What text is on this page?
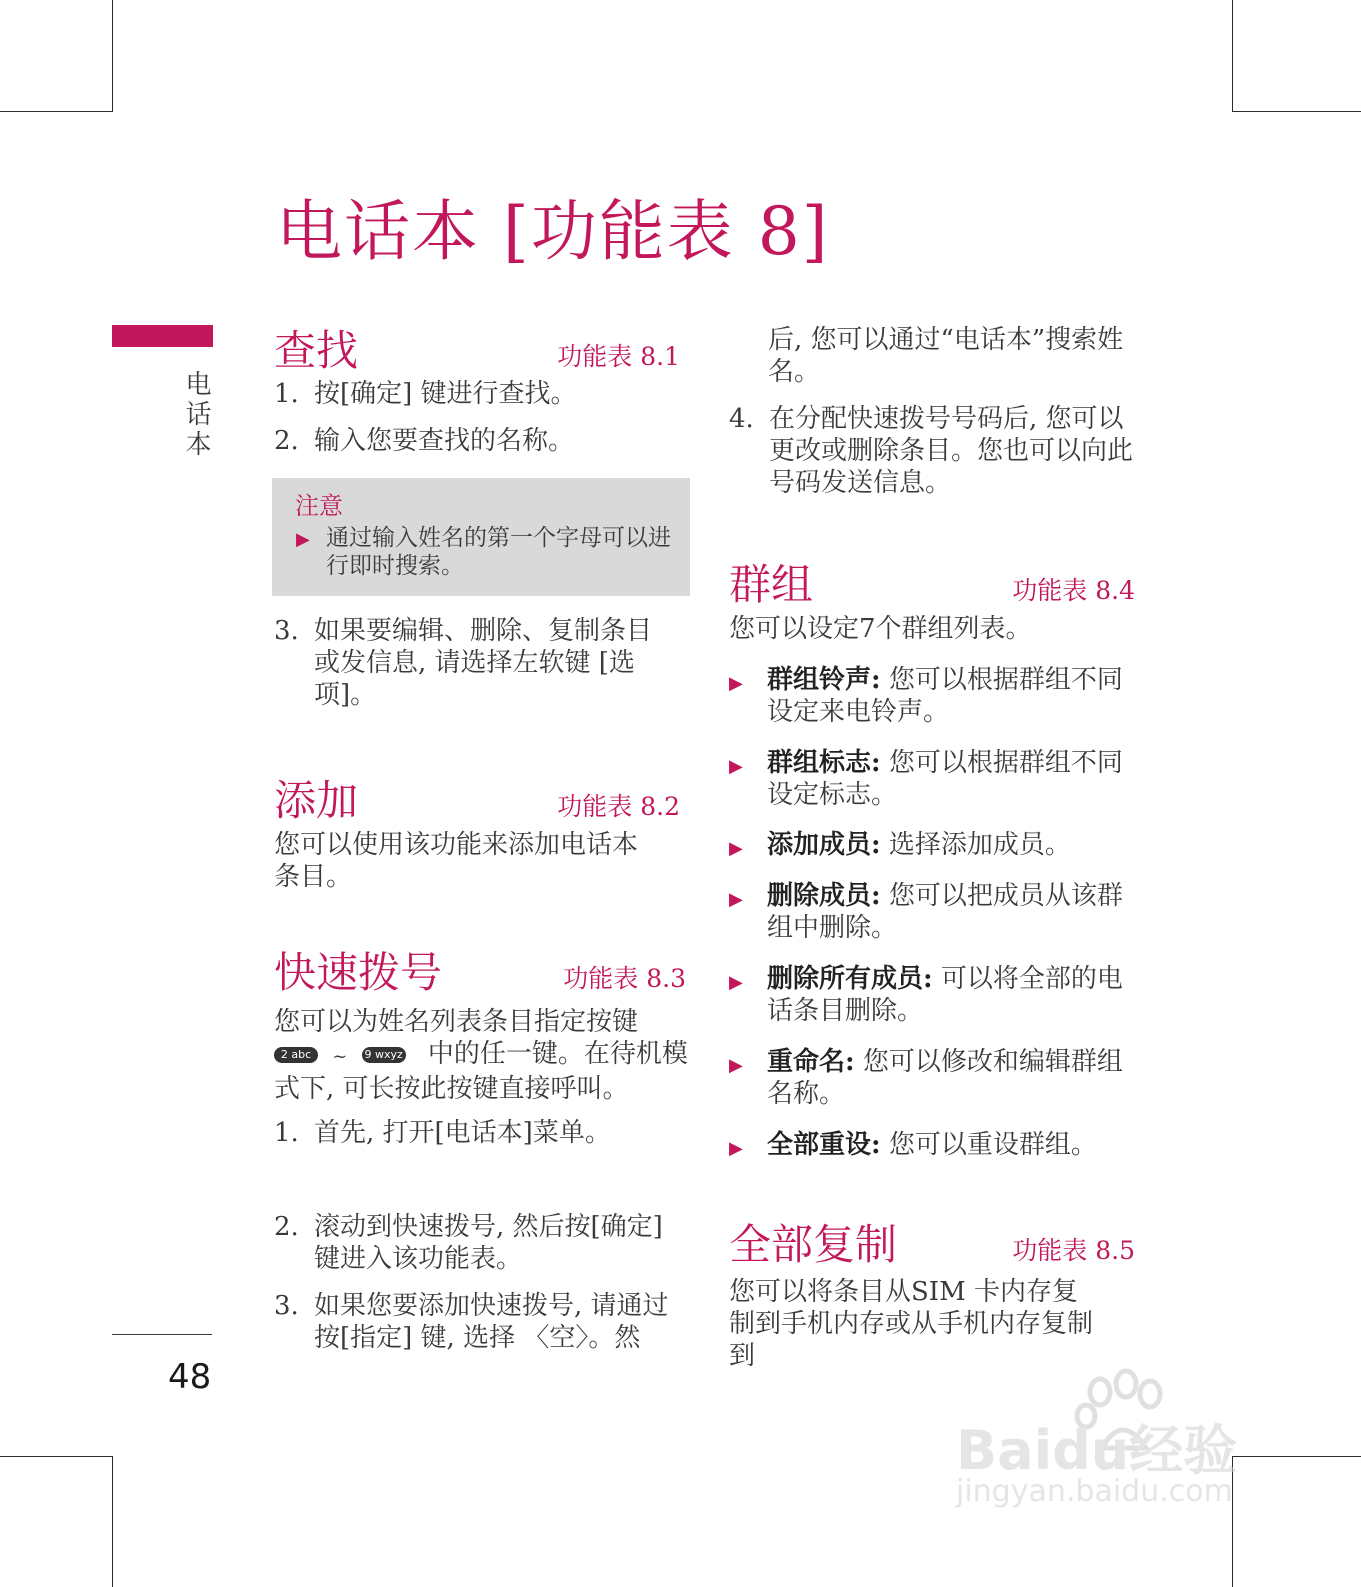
电话本 [功能表 8]
电话本
48
查找	功能表 8.1
1. 按[确定] 键进行查找。
2. 输入您要查找的名称。
注意
▶ 通过输入姓名的第一个字母可以进行即时搜索。
3. 如果要编辑、删除、复制条目或发信息, 请选择左软键 [选项]。
添加	功能表 8.2
您可以使用该功能来添加电话本条目。
快速拨号	功能表 8.3
您可以为姓名列表条目指定按键
2 abc ~ 9 wxyz 中的任一键。在待机模
式下, 可长按此按键直接呼叫。
1. 首先, 打开[电话本]菜单。
2. 滚动到快速拨号, 然后按[确定]键进入该功能表。
3. 如果您要添加快速拨号, 请通过按[指定] 键, 选择 〈空〉。然
后, 您可以通过“电话本”搜索姓名。
4. 在分配快速拨号号码后, 您可以更改或删除条目。您也可以向此号码发送信息。
群组	功能表 8.4
您可以设定7个群组列表。
▶ 群组铃声: 您可以根据群组不同设定来电铃声。
▶ 群组标志: 您可以根据群组不同设定标志。
▶ 添加成员: 选择添加成员。
▶ 删除成员: 您可以把成员从该群组中删除。
▶ 删除所有成员: 可以将全部的电话条目删除。
▶ 重命名: 您可以修改和编辑群组名称。
▶ 全部重设: 您可以重设群组。
全部复制	功能表 8.5
您可以将条目从SIM 卡内存复制到手机内存或从手机内存复制到
Baidu经验
jingyan.baidu.com
